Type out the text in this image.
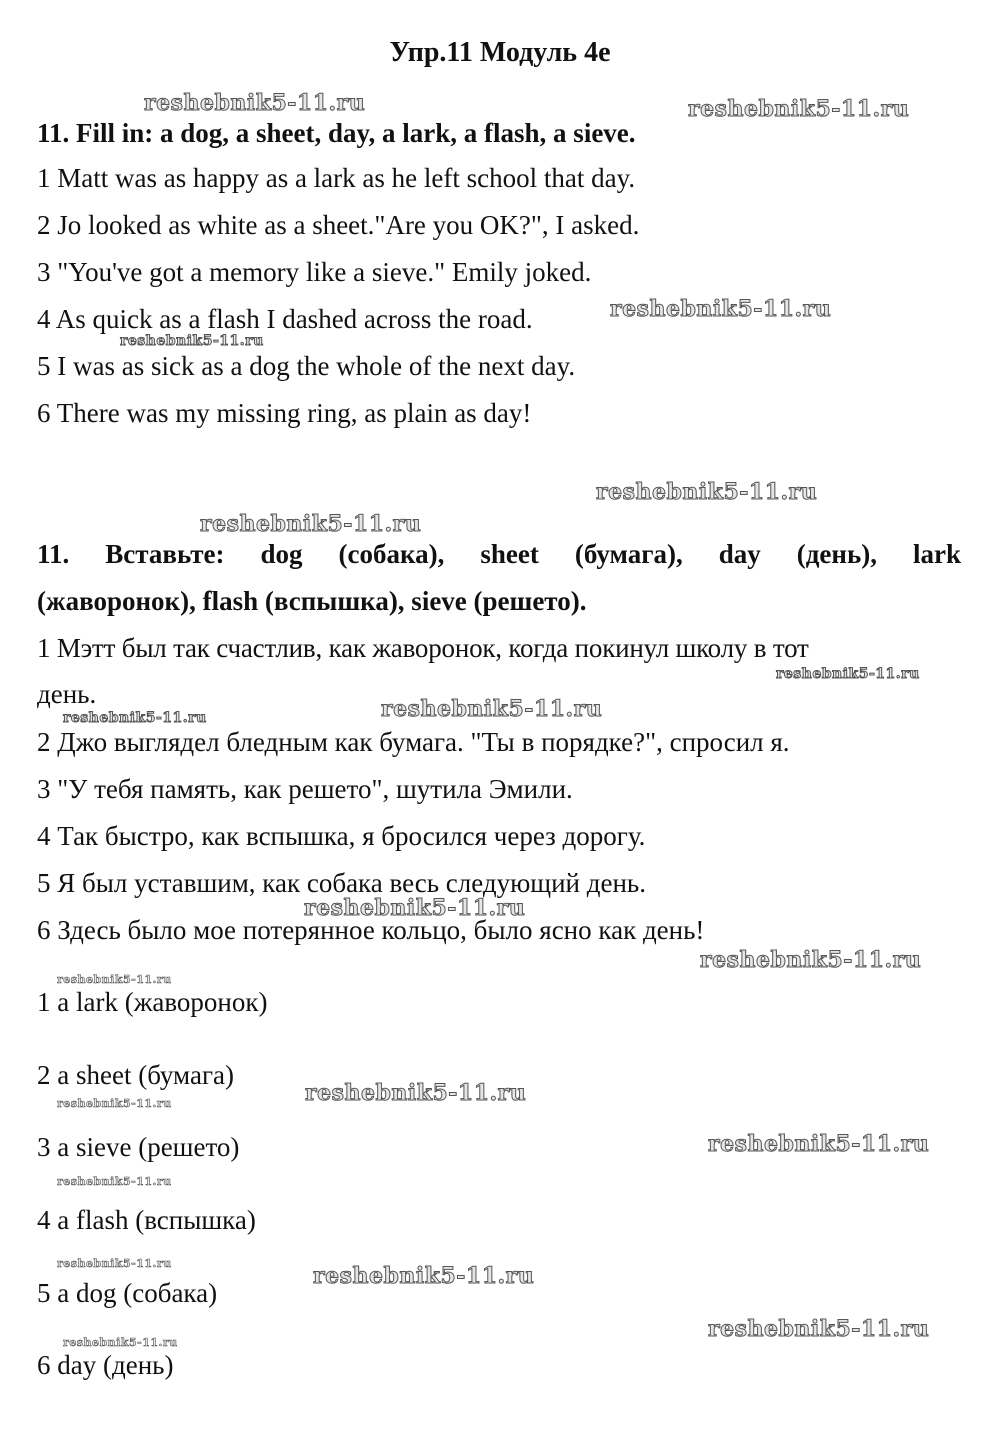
Упр.11 Модуль 4е
11. Fill in: a dog, a sheet, day, a lark, a flash, a sieve.
1 Matt was as happy as a lark as he left school that day.
2 Jo looked as white as a sheet."Are you OK?", I asked.
3 "You've got a memory like a sieve." Emily joked.
4 As quick as a flash I dashed across the road.
5 I was as sick as a dog the whole of the next day.
6 There was my missing ring, as plain as day!
11. Вставьте: dog (собака), sheet (бумага), day (день), lark
(жаворонок), flash (вспышка), sieve (решето).
1 Мэтт был так счастлив, как жаворонок, когда покинул школу в тот
день.
2 Джо выглядел бледным как бумага. "Ты в порядке?", спросил я.
3 "У тебя память, как решето", шутила Эмили.
4 Так быстро, как вспышка, я бросился через дорогу.
5 Я был уставшим, как собака весь следующий день.
6 Здесь было мое потерянное кольцо, было ясно как день!
1 a lark (жаворонок)
2 a sheet (бумага)
3 a sieve (решето)
4 a flash (вспышка)
5 a dog (собака)
6 day (день)
reshebnik5-11.ru	reshebnik5-11.ru
reshebnik5-11.ru
reshebnik5-11.ru
reshebnik5-11.ru
reshebnik5-11.ru
reshebnik5-11.ru
reshebnik5-11.ru
reshebnik5-11.ru
reshebnik5-11.ru
reshebnik5-11.ru
reshebnik5-11.ru
reshebnik5-11.ru
reshebnik5-11.ru
reshebnik5-11.ru
reshebnik5-11.ru
reshebnik5-11.ru	reshebnik5-11.ru
reshebnik5-11.ru
reshebnik5-11.ru
